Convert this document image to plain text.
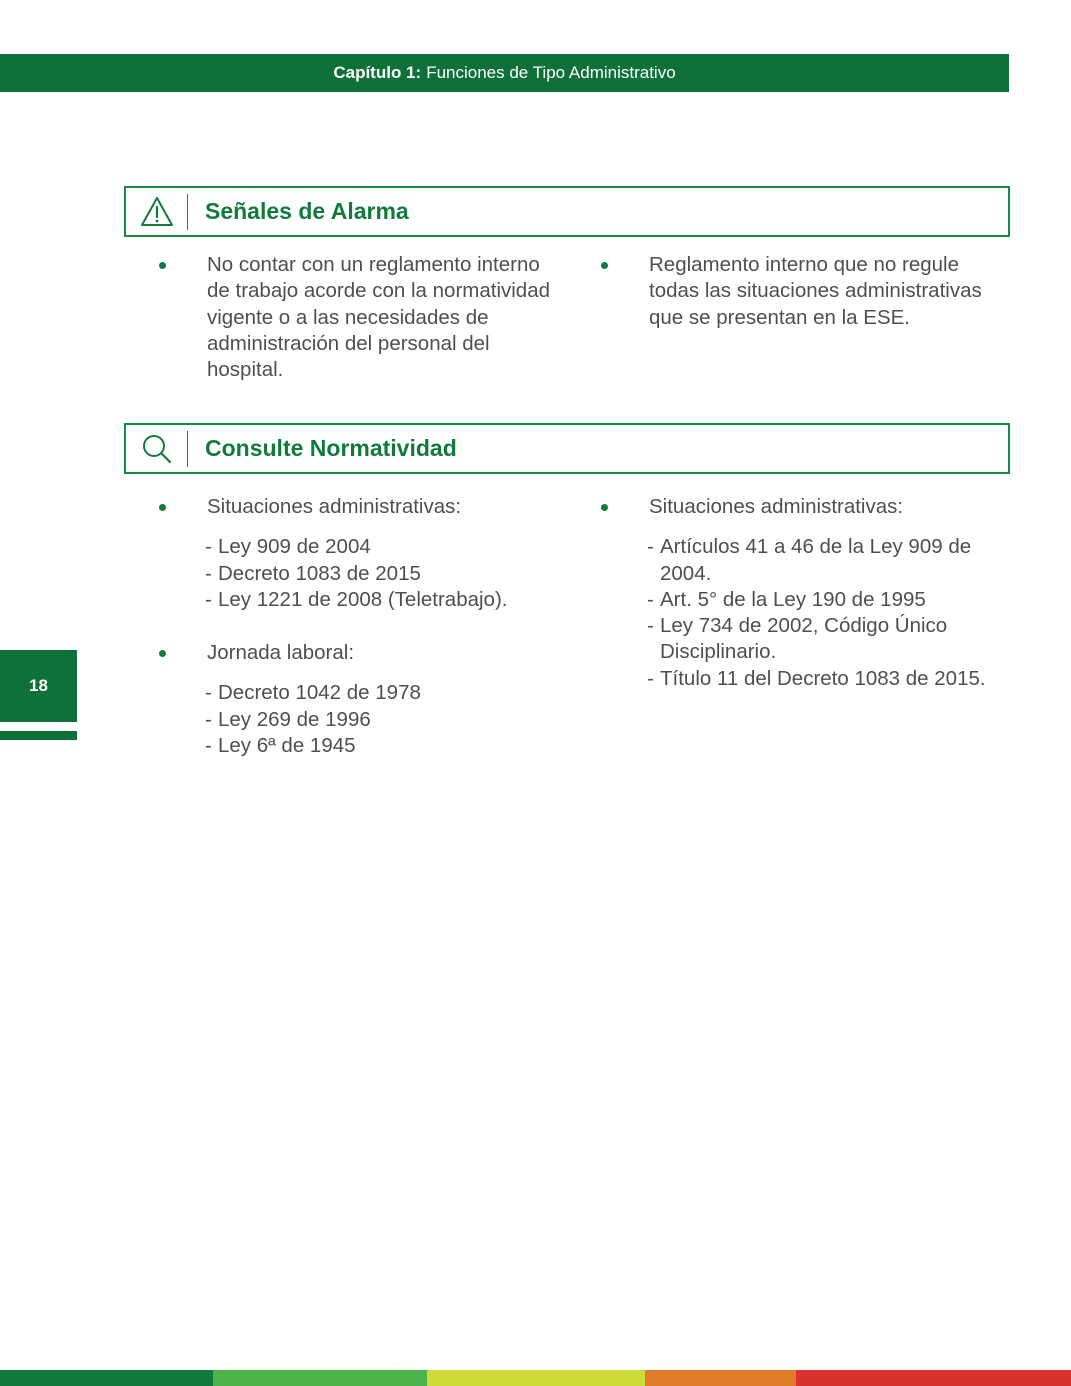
Capítulo 1: Funciones de Tipo Administrativo
Señales de Alarma
No contar con un reglamento interno de trabajo acorde con la normatividad vigente o a las necesidades de administración del personal del hospital.
Reglamento interno que no regule todas las situaciones administrativas que se presentan en la ESE.
Consulte Normatividad
Situaciones administrativas:
- Ley 909 de 2004
- Decreto 1083 de 2015
- Ley 1221 de 2008 (Teletrabajo).
Jornada laboral:
- Decreto 1042 de 1978
- Ley 269 de 1996
- Ley 6ª de 1945
Situaciones administrativas:
- Artículos 41 a 46 de la Ley 909 de 2004.
- Art. 5° de la Ley 190 de 1995
- Ley 734 de 2002, Código Único Disciplinario.
- Título 11 del Decreto 1083 de 2015.
18
